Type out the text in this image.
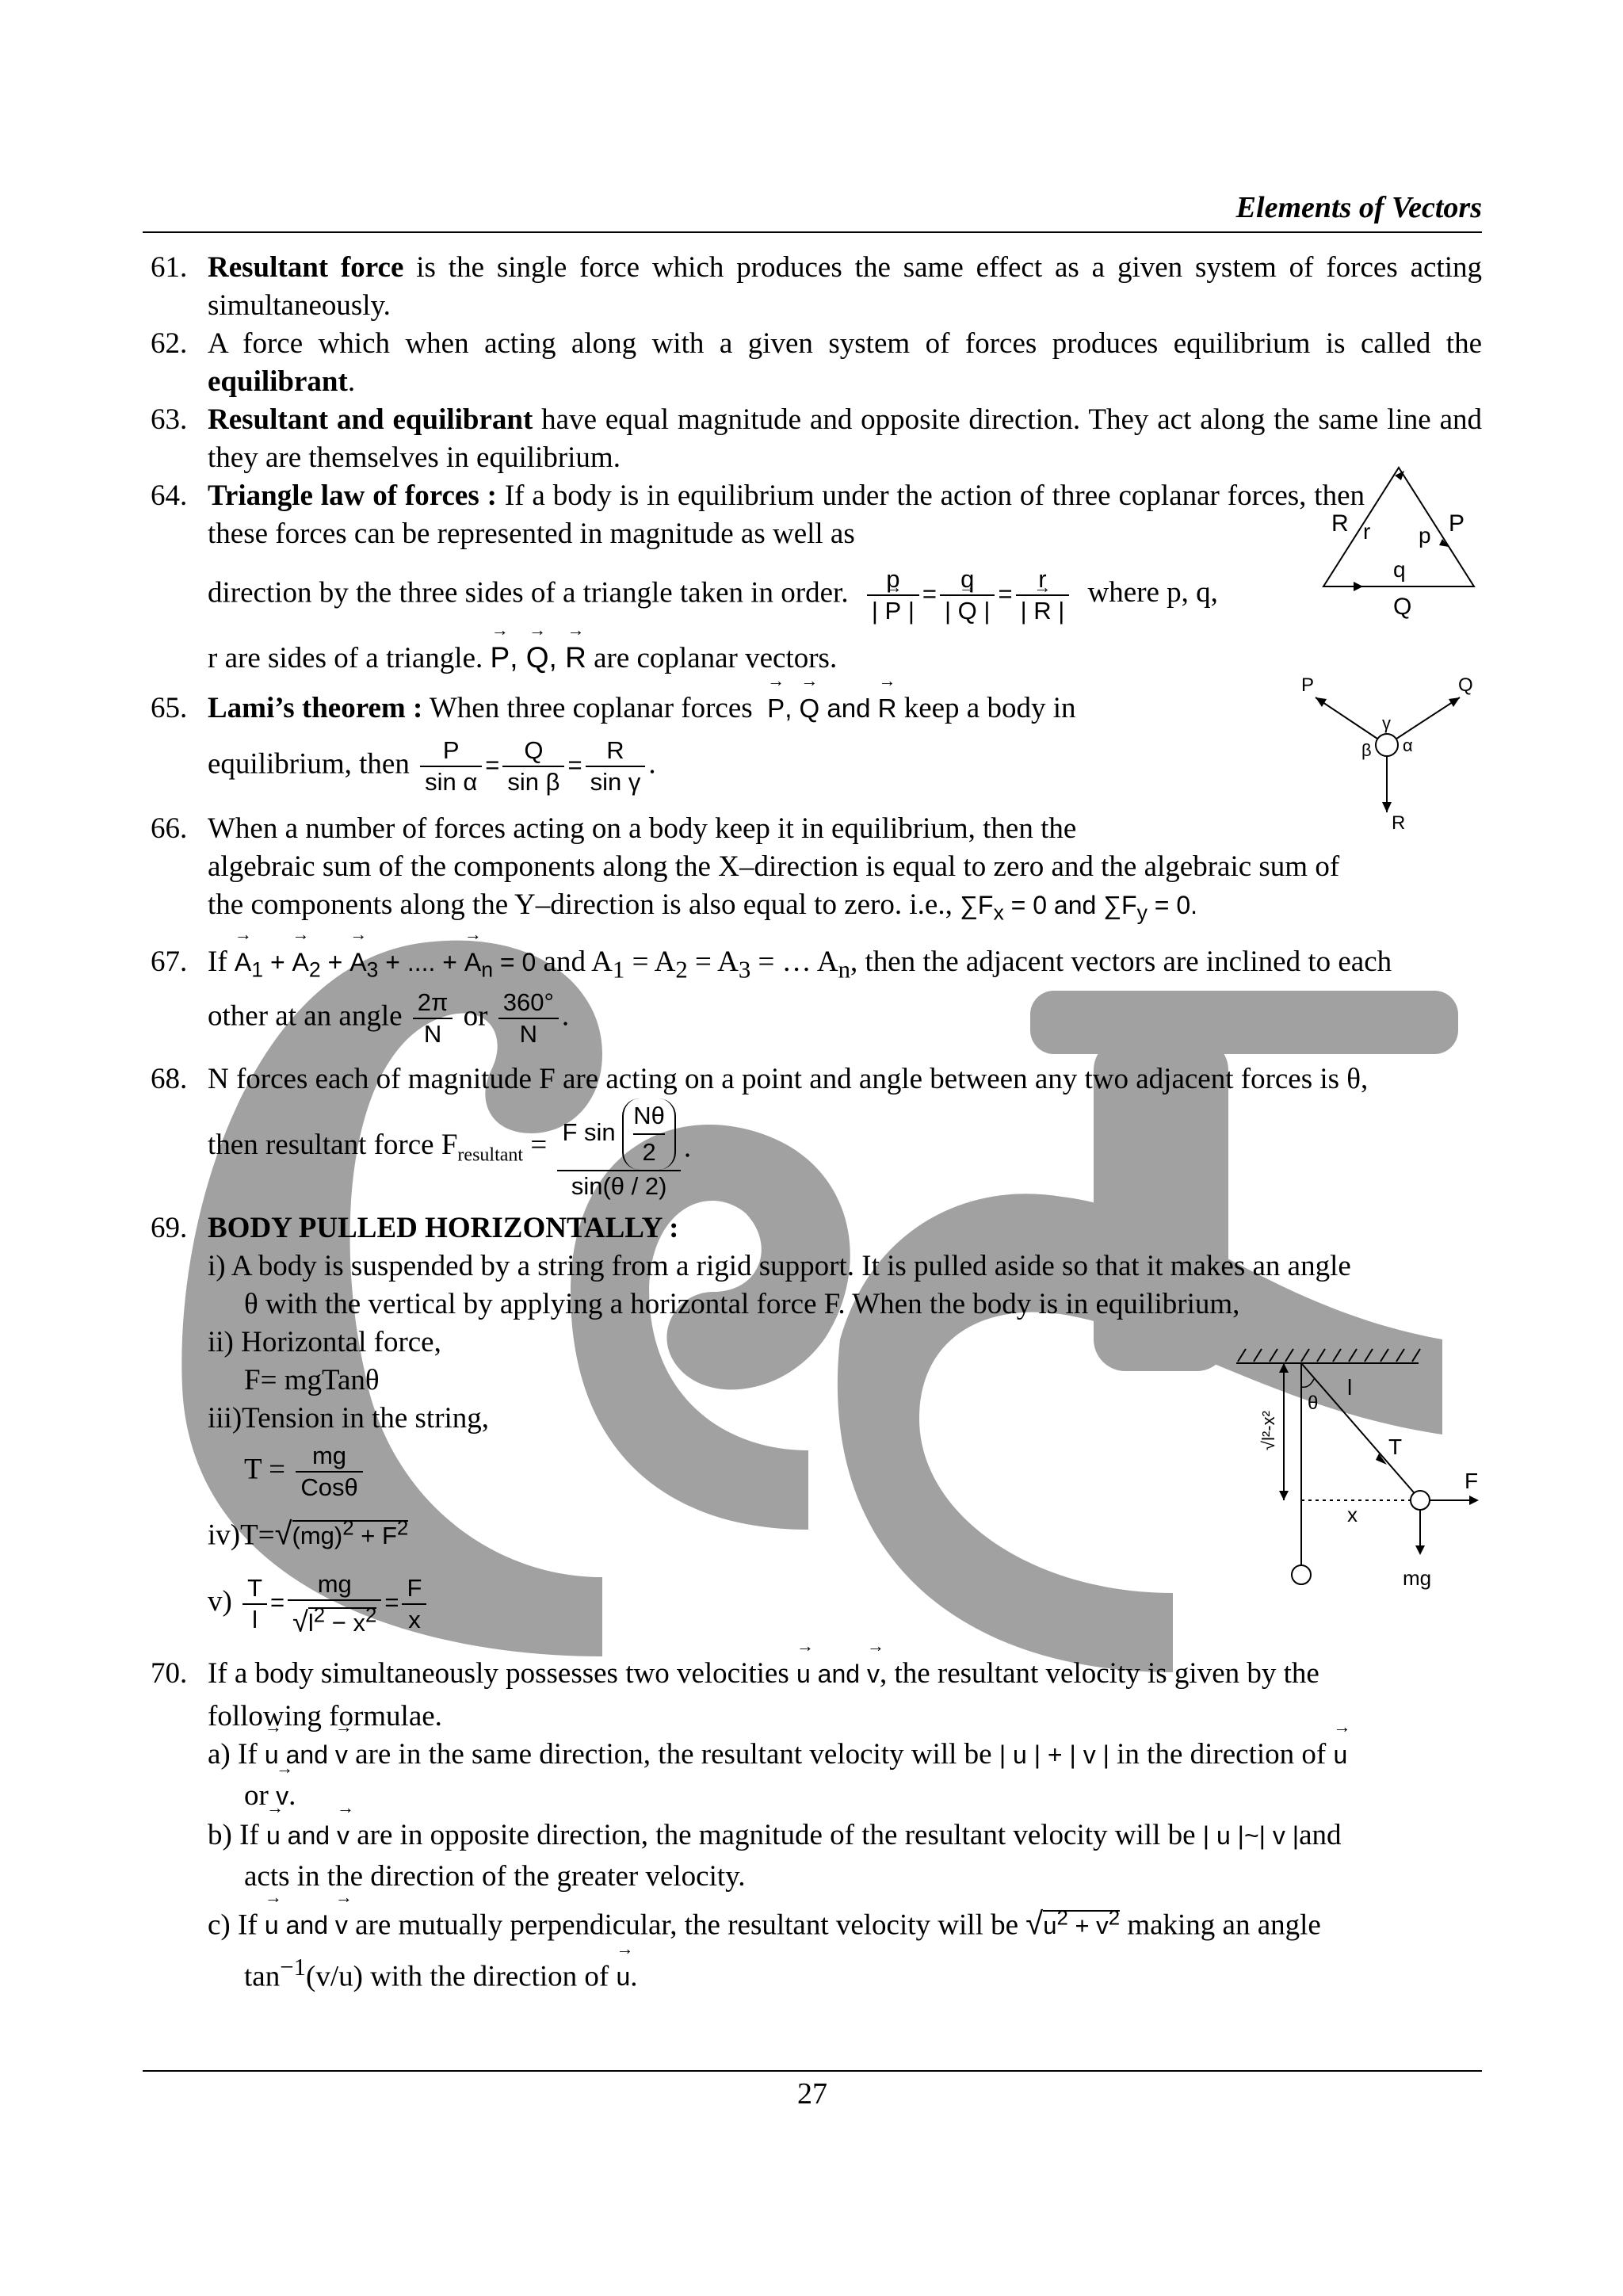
Elements of Vectors
61. Resultant force is the single force which produces the same effect as a given system of forces acting simultaneously.
62. A force which when acting along with a given system of forces produces equilibrium is called the equilibrant.
63. Resultant and equilibrant have equal magnitude and opposite direction. They act along the same line and they are themselves in equilibrium.
64. Triangle law of forces : If a body is in equilibrium under the action of three coplanar forces, then these forces can be represented in magnitude as well as
direction by the three sides of a triangle taken in order. $\frac{p}{| \to P |} = \frac{q}{| \to Q |} = \frac{r}{| \to R |}$ where p, q,
r are sides of a triangle. → P, → Q, → R are coplanar vectors.
R r	P
p
q
Q
65. Lami’s theorem : When three coplanar forces → P, → Q and → R keep a body in
equilibrium, then $\frac{P}{\text{sin α}} = \frac{Q}{\text{sin β}} = \frac{R}{\text{sin γ}}$ .
P	Q
R
γ
α
β
66. When a number of forces acting on a body keep it in equilibrium, then the
algebraic sum of the components along the X–direction is equal to zero and the algebraic sum of
the components along the Y–direction is also equal to zero. i.e., $\sum F_x = 0$ and $\sum F_y = 0$.
67. $If \to A_1$ + → $A_2$ + → $A_3$ + .... + → $A_n = 0$ and $A_1 = A_2 = A_3$ = … $A_n$, then the adjacent vectors are inclined to each
other at an angle $\frac{2\pi}{N}$ or $\frac{360^\circ}{N}$ .
68. N forces each of magnitude F are acting on a point and angle between any two adjacent forces is θ,
then resultant force $F_{resultant} = \frac{F \sin \frac{N\theta}{2}}{\sin(\theta / 2)}$ .
69. BODY PULLED HORIZONTALLY :
i) A body is suspended by a string from a rigid support. It is pulled aside so that it makes an angle
θ with the vertical by applying a horizontal force F. When the body is in equilibrium,
ii) Horizontal force,
F= mgTanθ
iii)Tension in the string,
$T = \frac{mg}{\text{Cosθ}}$
$iv)T=√(mg)^2 + F^2$
$v) \frac{T}{l} = \frac{mg}{√l^2 - x^2} = \frac{F}{x}$
l
θ
T
F
x
mg
√l²-x²
70. If a body simultaneously possesses two velocities → u and → v, the resultant velocity is given by the
following formulae.
a) If → u and → v are in the same direction, the resultant velocity will be | u | + | v | in the direction of → u
or → v.
b) If → u and → v are in opposite direction, the magnitude of the resultant velocity will be | u |~| v |and
acts in the direction of the greater velocity.
c) If → u and → v are mutually perpendicular, the resultant velocity will be $√u^2 + v^2$ making an angle
$\tan^{-1}(v/u)$ with the direction of → u.
27
